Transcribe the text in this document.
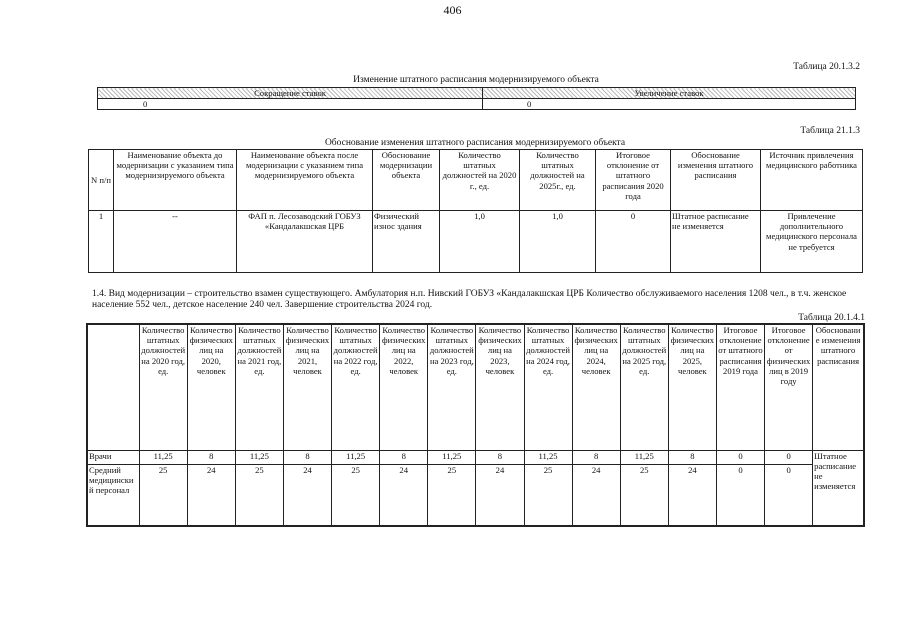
406
Таблица 20.1.3.2
Изменение штатного расписания модернизируемого объекта
Сокращение ставок	Увеличение ставок
0	0
Таблица 21.1.3
Обоснование изменения штатного расписания модернизируемого объекта
N п/п	Наименование объекта до модернизации с указанием типа модернизируемого объекта	Наименование объекта после модернизации с указанием типа модернизируемого объекта	Обоснование модернизации объекта	Количество штатных должностей на 2020 г., ед.	Количество штатных должностей на 2025г., ед.	Итоговое отклонение от штатного расписания 2020 года	Обоснование изменения штатного расписания	Источник привлечения медицинского работника
1	--	ФАП п. Лесозаводский ГОБУЗ «Кандалакшская ЦРБ	Физический износ здания	1,0	1,0	0	Штатное расписание не изменяется	Привлечение дополнительного медицинского персонала не требуется
1.4. Вид модернизации – строительство взамен существующего. Амбулатория н.п. Нивский ГОБУЗ «Кандалакшская ЦРБ Количество обслуживаемого населения 1208 чел., в т.ч. женское население 552 чел., детское население 240 чел. Завершение строительства 2024 год.
Таблица 20.1.4.1
	Количество штатных должностей на 2020 год, ед.	Количество физических лиц на 2020, человек	Количество штатных должностей на 2021 год, ед.	Количество физических лиц на 2021, человек	Количество штатных должностей на 2022 год, ед.	Количество физических лиц на 2022, человек	Количество штатных должностей на 2023 год, ед.	Количество физических лиц на 2023, человек	Количество штатных должностей на 2024 год, ед.	Количество физических лиц на 2024, человек	Количество штатных должностей на 2025 год, ед.	Количество физических лиц на 2025, человек	Итоговое отклонение от штатного расписания 2019 года	Итоговое отклонение от физических лиц в 2019 году	Обоснование изменения штатного расписания
Врачи	11,25	8	11,25	8	11,25	8	11,25	8	11,25	8	11,25	8	0	0	Штатное расписание не изменяется
Средний медицинский персонал	25	24	25	24	25	24	25	24	25	24	25	24	0	0	
